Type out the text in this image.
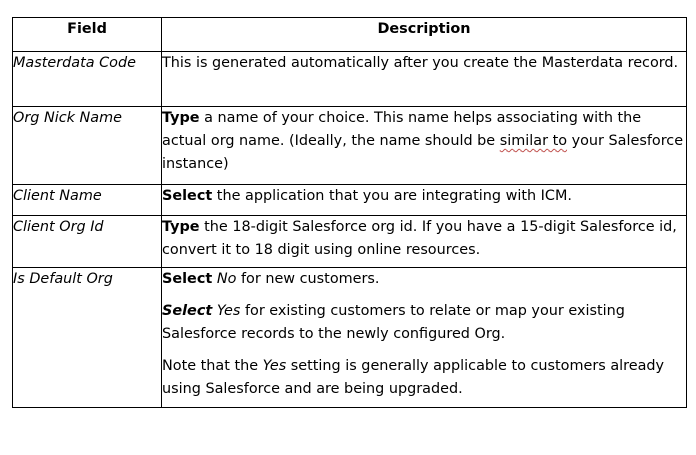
Field	Description
Masterdata Code	This is generated automatically after you create the Masterdata record.
Org Nick Name	Type a name of your choice. This name helps associating with the actual org name. (Ideally, the name should be similar to your Salesforce instance)
Client Name	Select the application that you are integrating with ICM.
Client Org Id	Type the 18-digit Salesforce org id. If you have a 15-digit Salesforce id, convert it to 18 digit using online resources.
Is Default Org	Select No for new customers.

Select Yes for existing customers to relate or map your existing Salesforce records to the newly configured Org.

Note that the Yes setting is generally applicable to customers already using Salesforce and are being upgraded.
